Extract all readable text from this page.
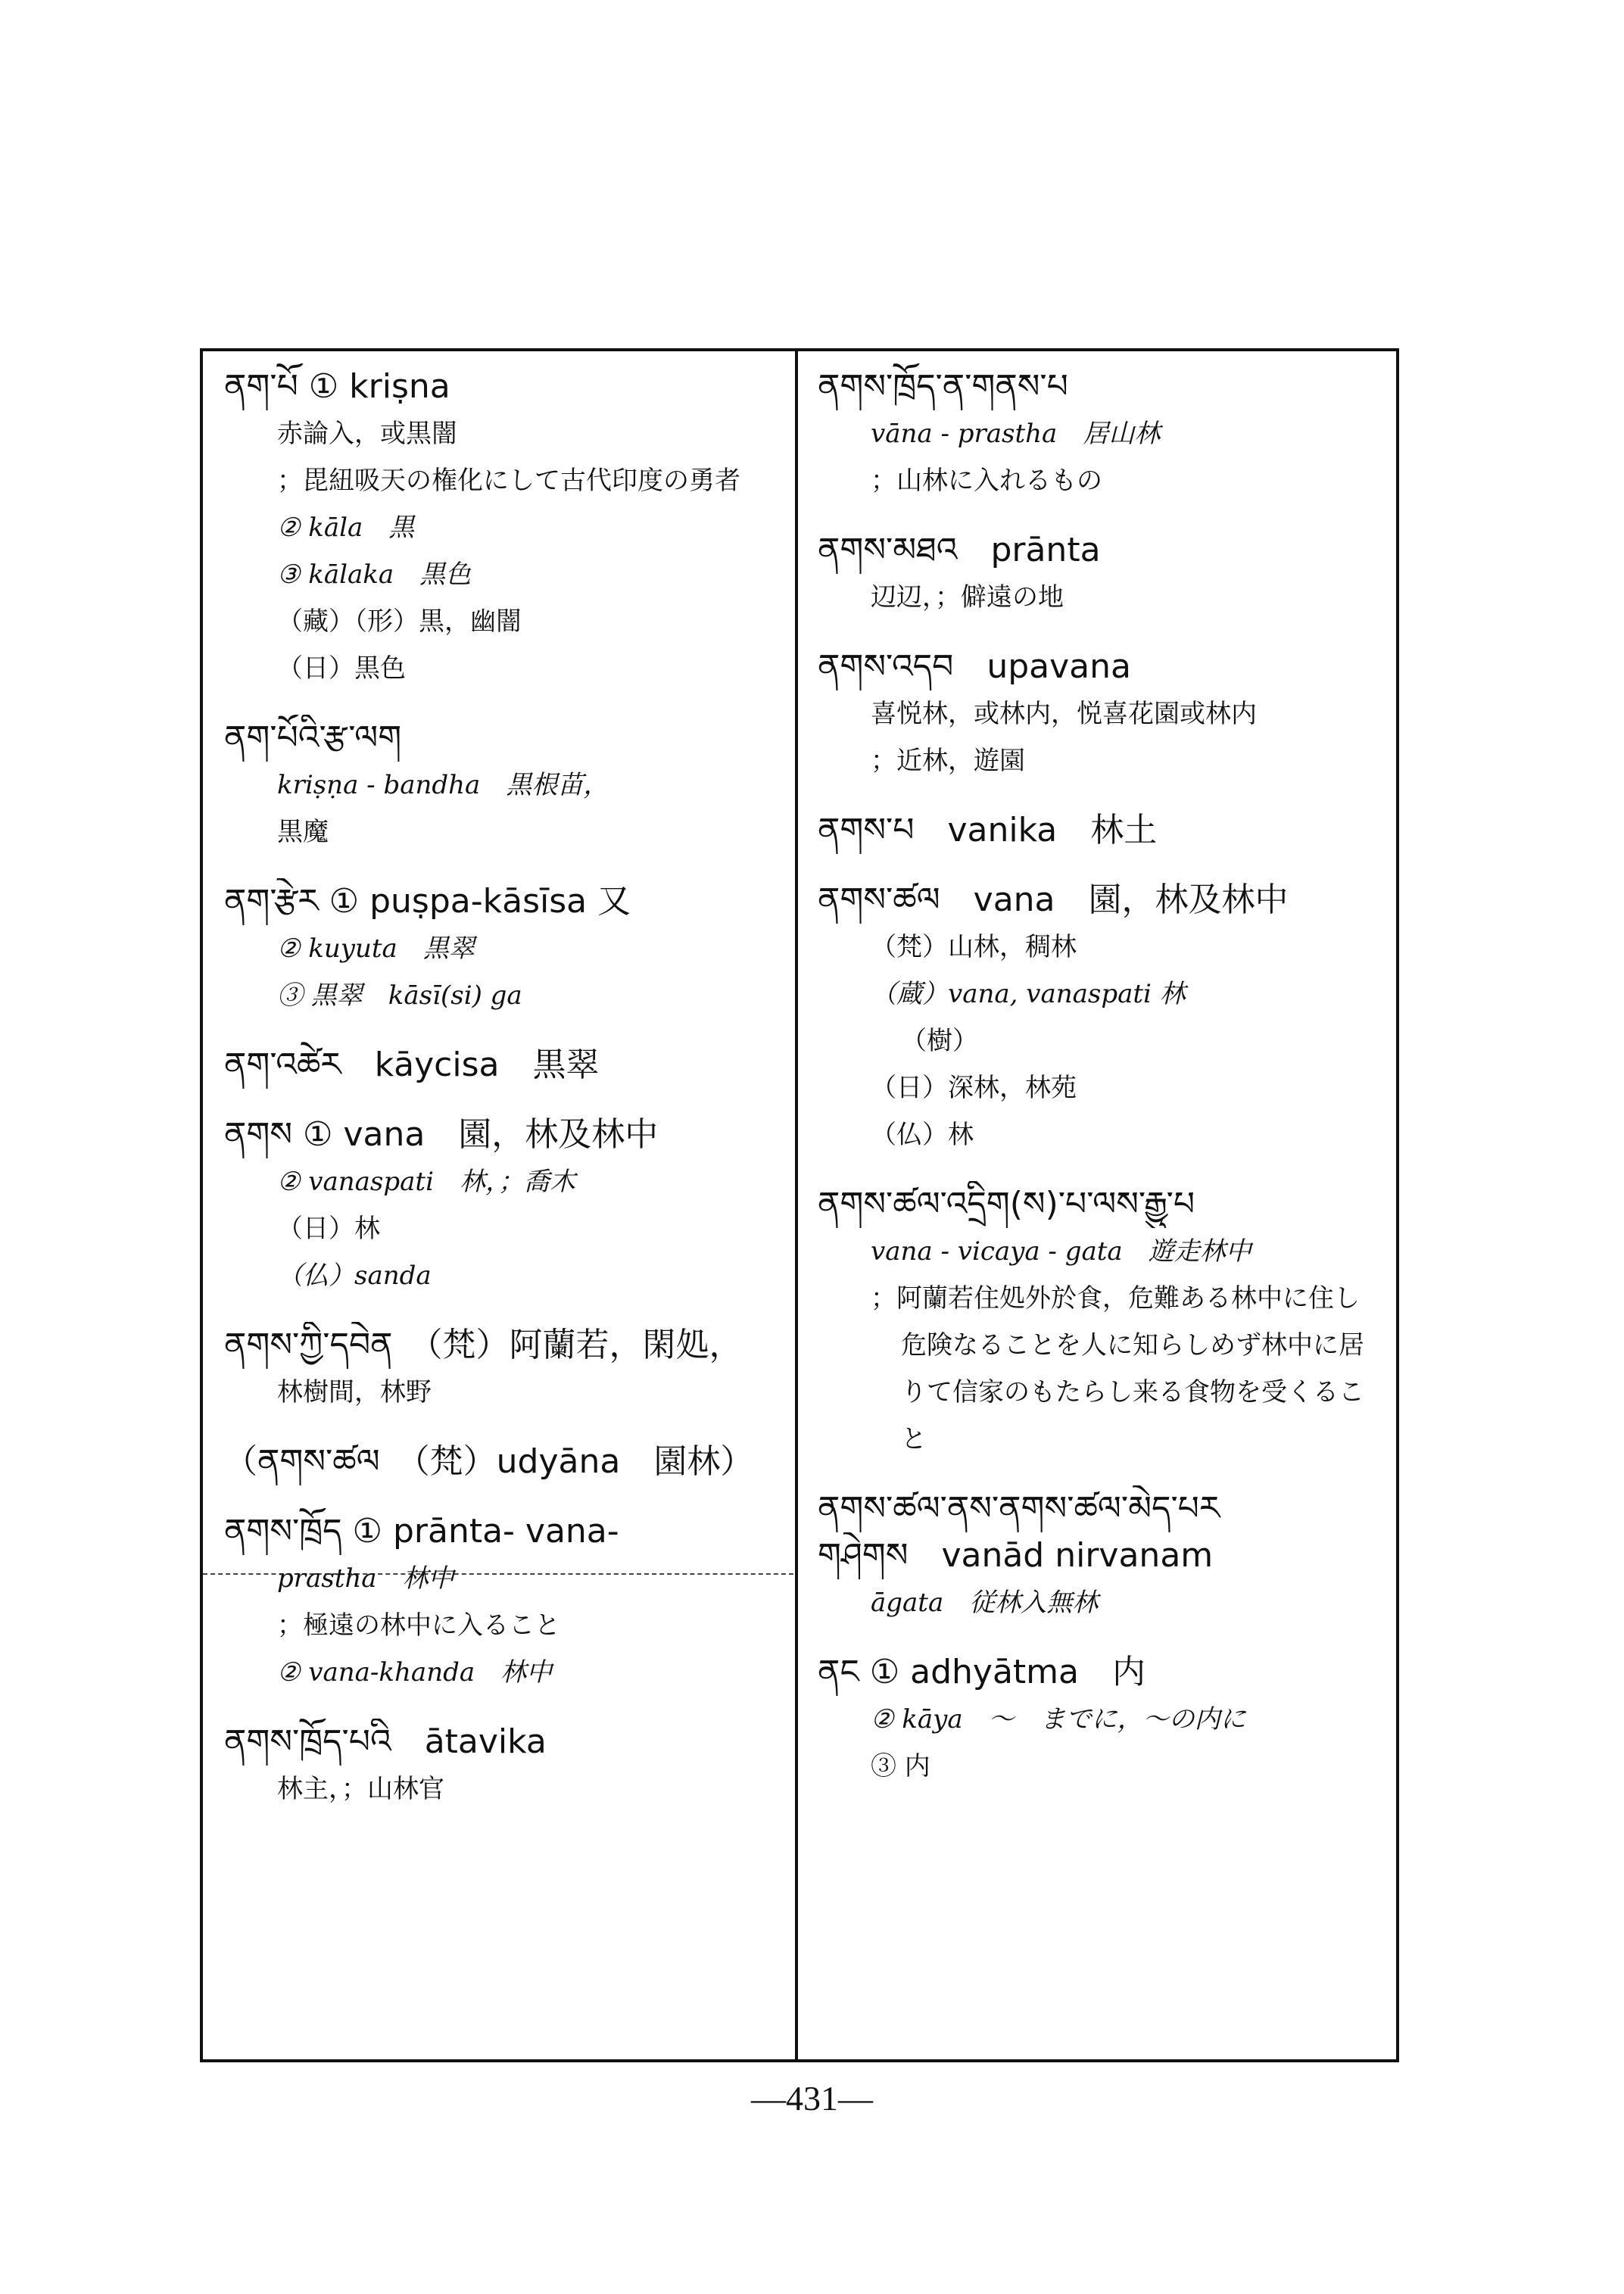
ནག་པོ ① kriṣna
赤論入，或黒闇
；毘紐吸天の権化にして古代印度の勇者
② kāla　黒
③ kālaka　黒色
（藏）（形）黒，幽闇
（日）黒色
ནག་པོའི་རྩ་ལག
kriṣṇa - bandha　黒根苗，
黒魔
ནག་རྩེར ① puṣpa-kāsīsa 又
② kuyuta　黒翠
③ 黒翠　kāsī(si) ga
ནག་འཚེར　kāycisa　黒翠
ནགས ① vana　園，林及林中
② vanaspati　林，；喬木
（日）林
（仏）sanda
ནགས་ཀྱི་དབེན　（梵）阿蘭若，閑処，
林樹間，林野
（ནགས་ཚལ　（梵）udyāna　園林）
ནགས་ཁྲོད ① prānta- vana-
prastha　林中
；極遠の林中に入ること
② vana-khanda　林中
ནགས་ཁྲོད་པའི　ātavika
林主，；山林官
ནགས་ཁྲོད་ན་གནས་པ
vāna - prastha　居山林
；山林に入れるもの
ནགས་མཐའ　prānta
辺辺，；僻遠の地
ནགས་འདབ　upavana
喜悦林，或林内，悦喜花園或林内
；近林，遊園
ནགས་པ　vanika　林土
ནགས་ཚལ　vana　園，林及林中
（梵）山林，稠林
（蔵）vana, vanaspati 林
（樹）
（日）深林，林苑
（仏）林
ནགས་ཚལ་འདྲིག(ས)་པ་ལས་རྒྱུ་པ
vana - vicaya - gata　遊走林中
；阿蘭若住処外於食，危難ある林中に住し
危険なることを人に知らしめず林中に居
りて信家のもたらし来る食物を受くるこ
と
ནགས་ཚལ་ནས་ནགས་ཚལ་མེད་པར
གཤེགས　vanād nirvanam
āgata　従林入無林
ནང ① adhyātma　内
② kāya　〜　までに，〜の内に
③ 内
—431—
